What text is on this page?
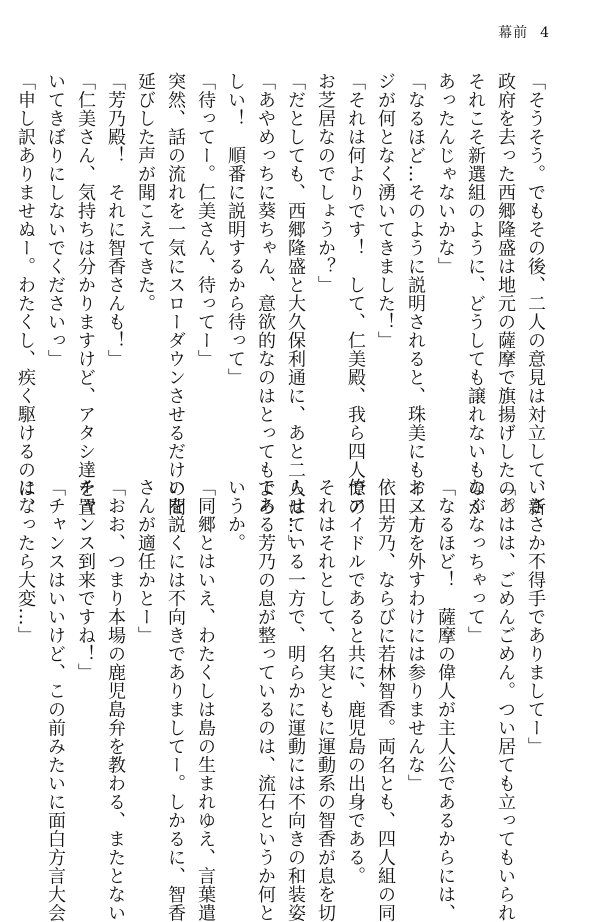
幕前 4
「そうそう。でもその後、二人の意見は対立して、新
政府を去った西郷隆盛は地元の薩摩で旗揚げしたの。
それこそ新選組のように、どうしても譲れないものが
あったんじゃないかな」
「なるほど…そのように説明されると、珠美にもイメー
ジが何となく湧いてきました！」
「それは何よりです！　して、仁美殿、我ら四人での
お芝居なのでしょうか？」
「だとしても、西郷隆盛と大久保利通に、あと二人は…」
「あやめっちに葵ちゃん、意欲的なのはとってもよろ
しい！　順番に説明するから待って」
「待ってー。仁美さん、待ってー」
突然、話の流れを一気にスローダウンさせるだけの間
延びした声が聞こえてきた。
「芳乃殿！　それに智香さんも！」
「仁美さん、気持ちは分かりますけど、アタシ達を置
いてきぼりにしないでくださいっ」
「申し訳ありませぬー。わたくし、疾く駆けるのは、
いささか不得手でありましてー」
「あはは、ごめんごめん。つい居ても立ってもいられ
なくなっちゃって」
「なるほど！　薩摩の偉人が主人公であるからには、
お二方を外すわけには参りませんな」
依田芳乃、ならびに若林智香。両名とも、四人組の同
僚アイドルであると共に、鹿児島の出身である。
それはそれとして、名実ともに運動系の智香が息を切
らせている一方で、明らかに運動には不向きの和装姿
である芳乃の息が整っているのは、流石というか何と
いうか。
「同郷とはいえ、わたくしは島の生まれゆえ、言葉遣
いを説くには不向きでありましてー。しかるに、智香
さんが適任かとー」
「おお、つまり本場の鹿児島弁を教わる、またとない
チャンス到来ですね！」
「チャンスはいいけど、この前みたいに面白方言大会
になったら大変…」
